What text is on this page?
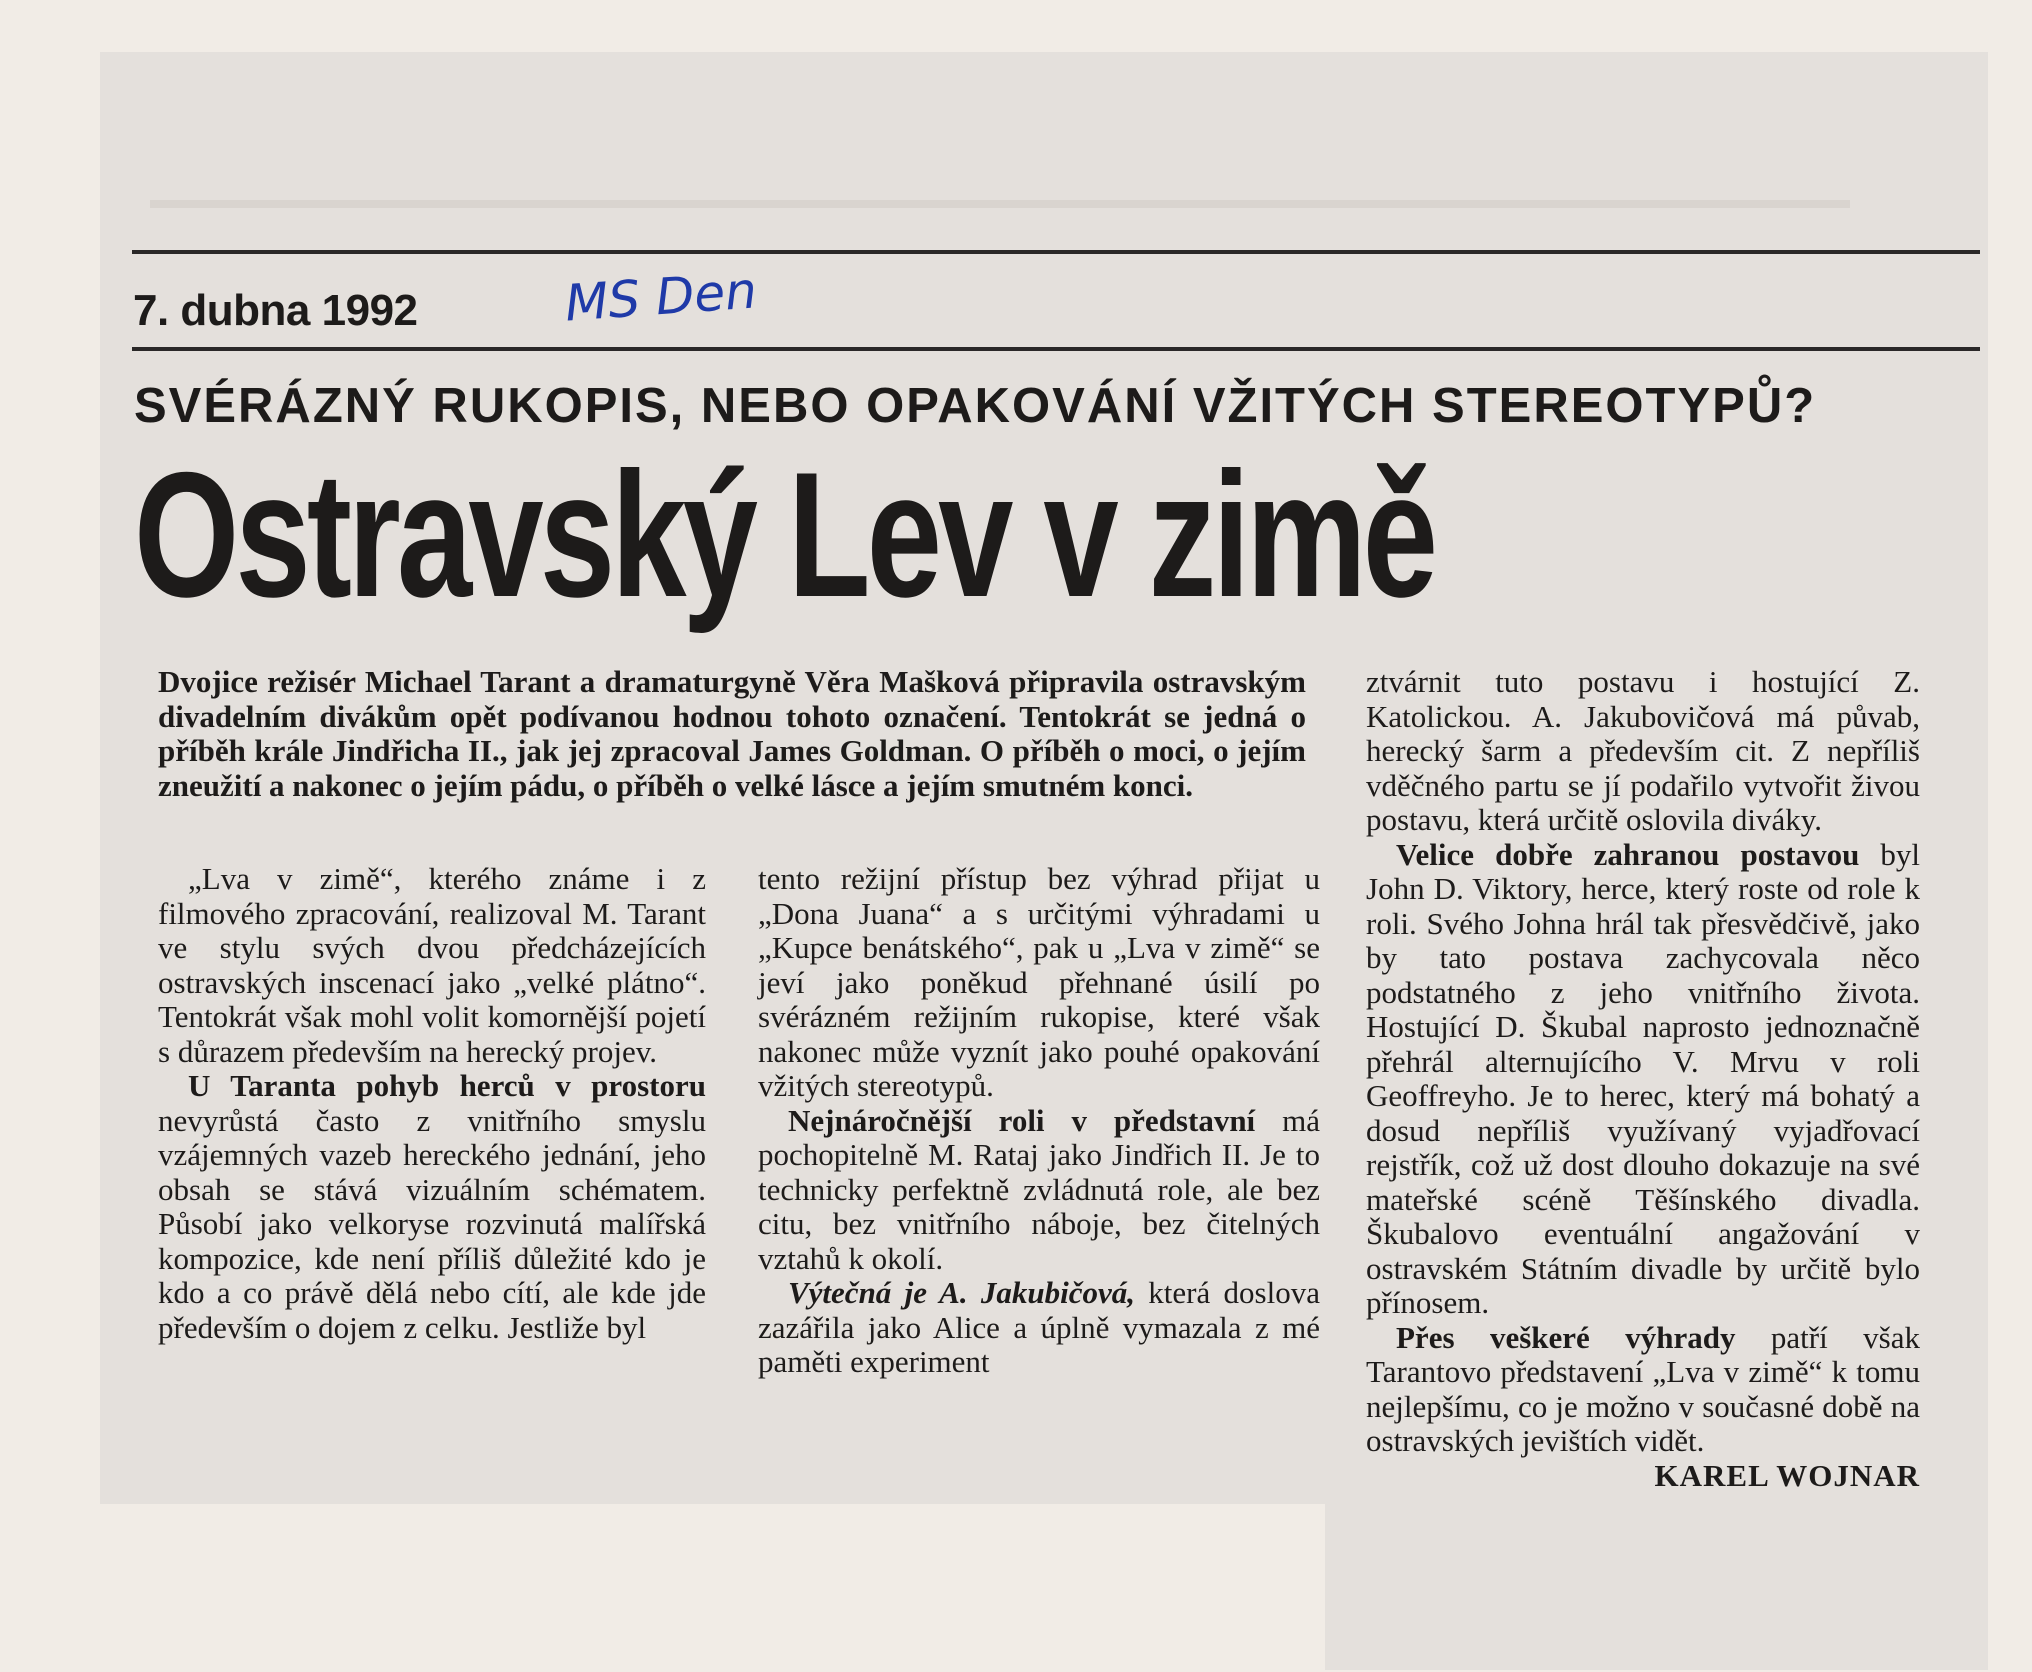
7. dubna 1992	MS Den
SVÉRÁZNÝ RUKOPIS, NEBO OPAKOVÁNÍ VŽITÝCH STEREOTYPŮ?
Ostravský Lev v zimě

Dvojice režisér Michael Tarant a dramaturgyně Věra Mašková připravila ostravským divadelním divákům opět podívanou hodnou tohoto označení. Tentokrát se jedná o příběh krále Jindřicha II., jak jej zpracoval James Goldman. O příběh o moci, o jejím zneužití a nakonec o jejím pádu, o příběh o velké lásce a jejím smutném konci.

„Lva v zimě“, kterého známe i z filmového zpracování, realizoval M. Tarant ve stylu svých dvou předcházejících ostravských inscenací jako „velké plátno“. Tentokrát však mohl volit komornější pojetí s důrazem především na herecký projev.

U Taranta pohyb herců v prostoru nevyrůstá často z vnitřního smyslu vzájemných vazeb hereckého jednání, jeho obsah se stává vizuálním schématem. Působí jako velkoryse rozvinutá malířská kompozice, kde není příliš důležité kdo je kdo a co právě dělá nebo cítí, ale kde jde především o dojem z celku. Jestliže byl

tento režijní přístup bez výhrad přijat u „Dona Juana“ a s určitými výhradami u „Kupce benátského“, pak u „Lva v zimě“ se jeví jako poněkud přehnané úsilí po svérázném režijním rukopise, které však nakonec může vyznít jako pouhé opakování vžitých stereotypů.

Nejnáročnější roli v představní má pochopitelně M. Rataj jako Jindřich II. Je to technicky perfektně zvládnutá role, ale bez citu, bez vnitřního náboje, bez čitelných vztahů k okolí.

Výtečná je A. Jakubičová, která doslova zazářila jako Alice a úplně vymazala z mé paměti experiment

ztvárnit tuto postavu i hostující Z. Katolickou. A. Jakubovičová má půvab, herecký šarm a především cit. Z nepříliš vděčného partu se jí podařilo vytvořit živou postavu, která určitě oslovila diváky.

Velice dobře zahranou postavou byl John D. Viktory, herce, který roste od role k roli. Svého Johna hrál tak přesvědčivě, jako by tato postava zachycovala něco podstatného z jeho vnitřního života. Hostující D. Škubal naprosto jednoznačně přehrál alternujícího V. Mrvu v roli Geoffreyho. Je to herec, který má bohatý a dosud nepříliš využívaný vyjadřovací rejstřík, což už dost dlouho dokazuje na své mateřské scéně Těšínského divadla. Škubalovo eventuální angažování v ostravském Státním divadle by určitě bylo přínosem.

Přes veškeré výhrady patří však Tarantovo představení „Lva v zimě“ k tomu nejlepšímu, co je možno v současné době na ostravských jevištích vidět.
KAREL WOJNAR
